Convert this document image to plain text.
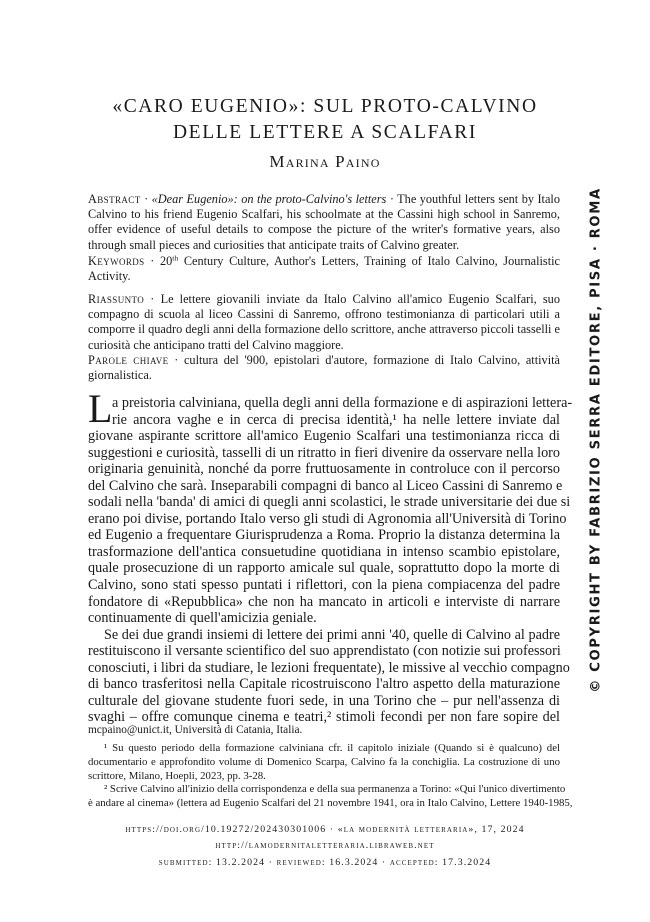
«CARO EUGENIO»: SUL PROTO-CALVINO
DELLE LETTERE A SCALFARI
Marina Paino
Abstract · «Dear Eugenio»: on the proto-Calvino's letters · The youthful letters sent by Italo Calvino to his friend Eugenio Scalfari, his schoolmate at the Cassini high school in Sanremo, offer evidence of useful details to compose the picture of the writer's formative years, also through small pieces and curiosities that anticipate traits of Calvino greater.
Keywords · 20th Century Culture, Author's Letters, Training of Italo Calvino, Journalistic Activity.
Riassunto · Le lettere giovanili inviate da Italo Calvino all'amico Eugenio Scalfari, suo compagno di scuola al liceo Cassini di Sanremo, offrono testimonianza di particolari utili a comporre il quadro degli anni della formazione dello scrittore, anche attraverso piccoli tasselli e curiosità che anticipano tratti del Calvino maggiore.
Parole chiave · cultura del '900, epistolari d'autore, formazione di Italo Calvino, attività giornalistica.
L a preistoria calviniana, quella degli anni della formazione e di aspirazioni lettera-
rie ancora vaghe e in cerca di precisa identità,¹ ha nelle lettere inviate dal
giovane aspirante scrittore all'amico Eugenio Scalfari una testimonianza ricca di
suggestioni e curiosità, tasselli di un ritratto in fieri divenire da osservare nella loro
originaria genuinità, nonché da porre fruttuosamente in controluce con il percorso
del Calvino che sarà. Inseparabili compagni di banco al Liceo Cassini di Sanremo e
sodali nella 'banda' di amici di quegli anni scolastici, le strade universitarie dei due si
erano poi divise, portando Italo verso gli studi di Agronomia all'Università di Torino
ed Eugenio a frequentare Giurisprudenza a Roma. Proprio la distanza determina la
trasformazione dell'antica consuetudine quotidiana in intenso scambio epistolare,
quale prosecuzione di un rapporto amicale sul quale, soprattutto dopo la morte di
Calvino, sono stati spesso puntati i riflettori, con la piena compiacenza del padre
fondatore di «Repubblica» che non ha mancato in articoli e interviste di narrare
continuamente di quell'amicizia geniale.
Se dei due grandi insiemi di lettere dei primi anni '40, quelle di Calvino al padre
restituiscono il versante scientifico del suo apprendistato (con notizie sui professori
conosciuti, i libri da studiare, le lezioni frequentate), le missive al vecchio compagno
di banco trasferitosi nella Capitale ricostruiscono l'altro aspetto della maturazione
culturale del giovane studente fuori sede, in una Torino che – pur nell'assenza di
svaghi – offre comunque cinema e teatri,² stimoli fecondi per non fare sopire del
mcpaino@unict.it, Università di Catania, Italia.
¹ Su questo periodo della formazione calviniana cfr. il capitolo iniziale (Quando si è qualcuno) del
documentario e approfondito volume di Domenico Scarpa, Calvino fa la conchiglia. La costruzione di uno
scrittore, Milano, Hoepli, 2023, pp. 3-28.
² Scrive Calvino all'inizio della corrispondenza e della sua permanenza a Torino: «Qui l'unico divertimento
è andare al cinema» (lettera ad Eugenio Scalfari del 21 novembre 1941, ora in Italo Calvino, Lettere 1940-1985,
https://doi.org/10.19272/202430301006 · «la modernità letteraria», 17, 2024
http://lamodernitaletteraria.libraweb.net
submitted: 13.2.2024 · reviewed: 16.3.2024 · accepted: 17.3.2024
© COPYRIGHT BY FABRIZIO SERRA EDITORE, PISA · ROMA
